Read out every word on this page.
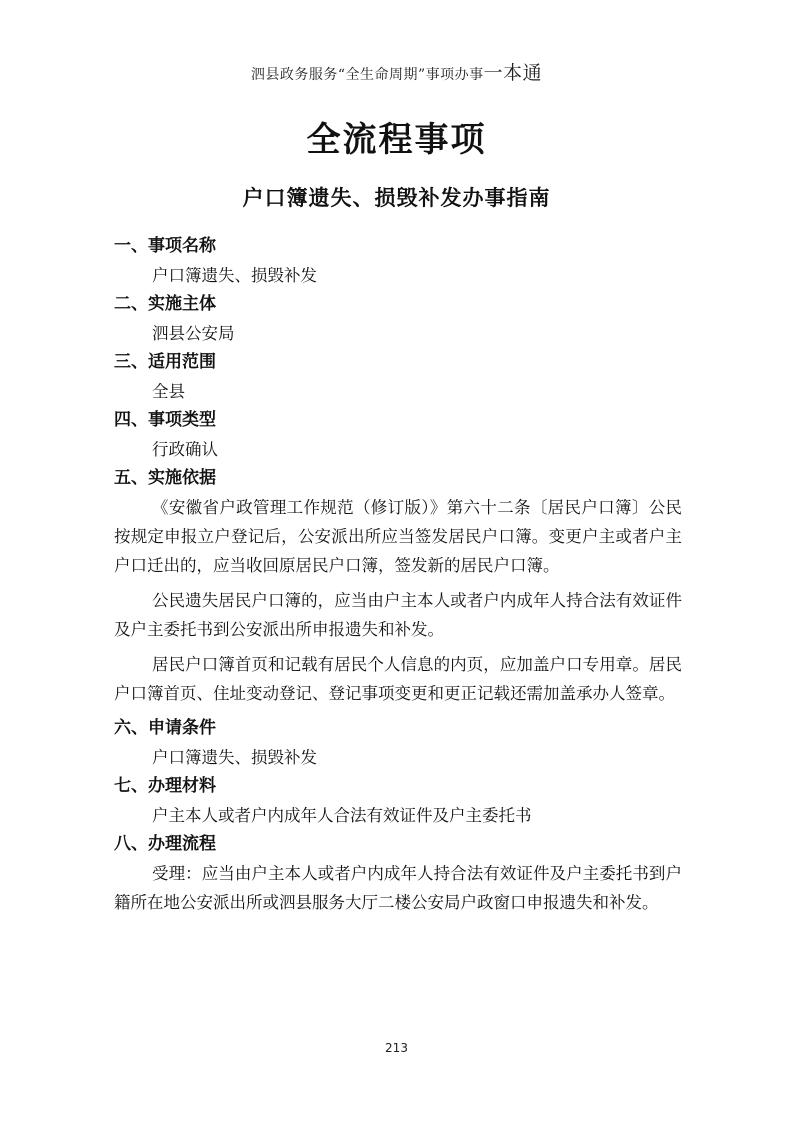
泗县政务服务“全生命周期”事项办事一本通
全流程事项
户口簿遗失、损毁补发办事指南

一、事项名称

户口簿遗失、损毁补发

二、实施主体

泗县公安局

三、适用范围

全县

四、事项类型

行政确认

五、实施依据

《安徽省户政管理工作规范（修订版）》第六十二条〔居民户口簿〕公民按规定申报立户登记后，公安派出所应当签发居民户口簿。变更户主或者户主户口迁出的，应当收回原居民户口簿，签发新的居民户口簿。

公民遗失居民户口簿的，应当由户主本人或者户内成年人持合法有效证件及户主委托书到公安派出所申报遗失和补发。

居民户口簿首页和记载有居民个人信息的内页，应加盖户口专用章。居民户口簿首页、住址变动登记、登记事项变更和更正记载还需加盖承办人签章。

六、申请条件

户口簿遗失、损毁补发

七、办理材料

户主本人或者户内成年人合法有效证件及户主委托书

八、办理流程

受理：应当由户主本人或者户内成年人持合法有效证件及户主委托书到户籍所在地公安派出所或泗县服务大厅二楼公安局户政窗口申报遗失和补发。

213
